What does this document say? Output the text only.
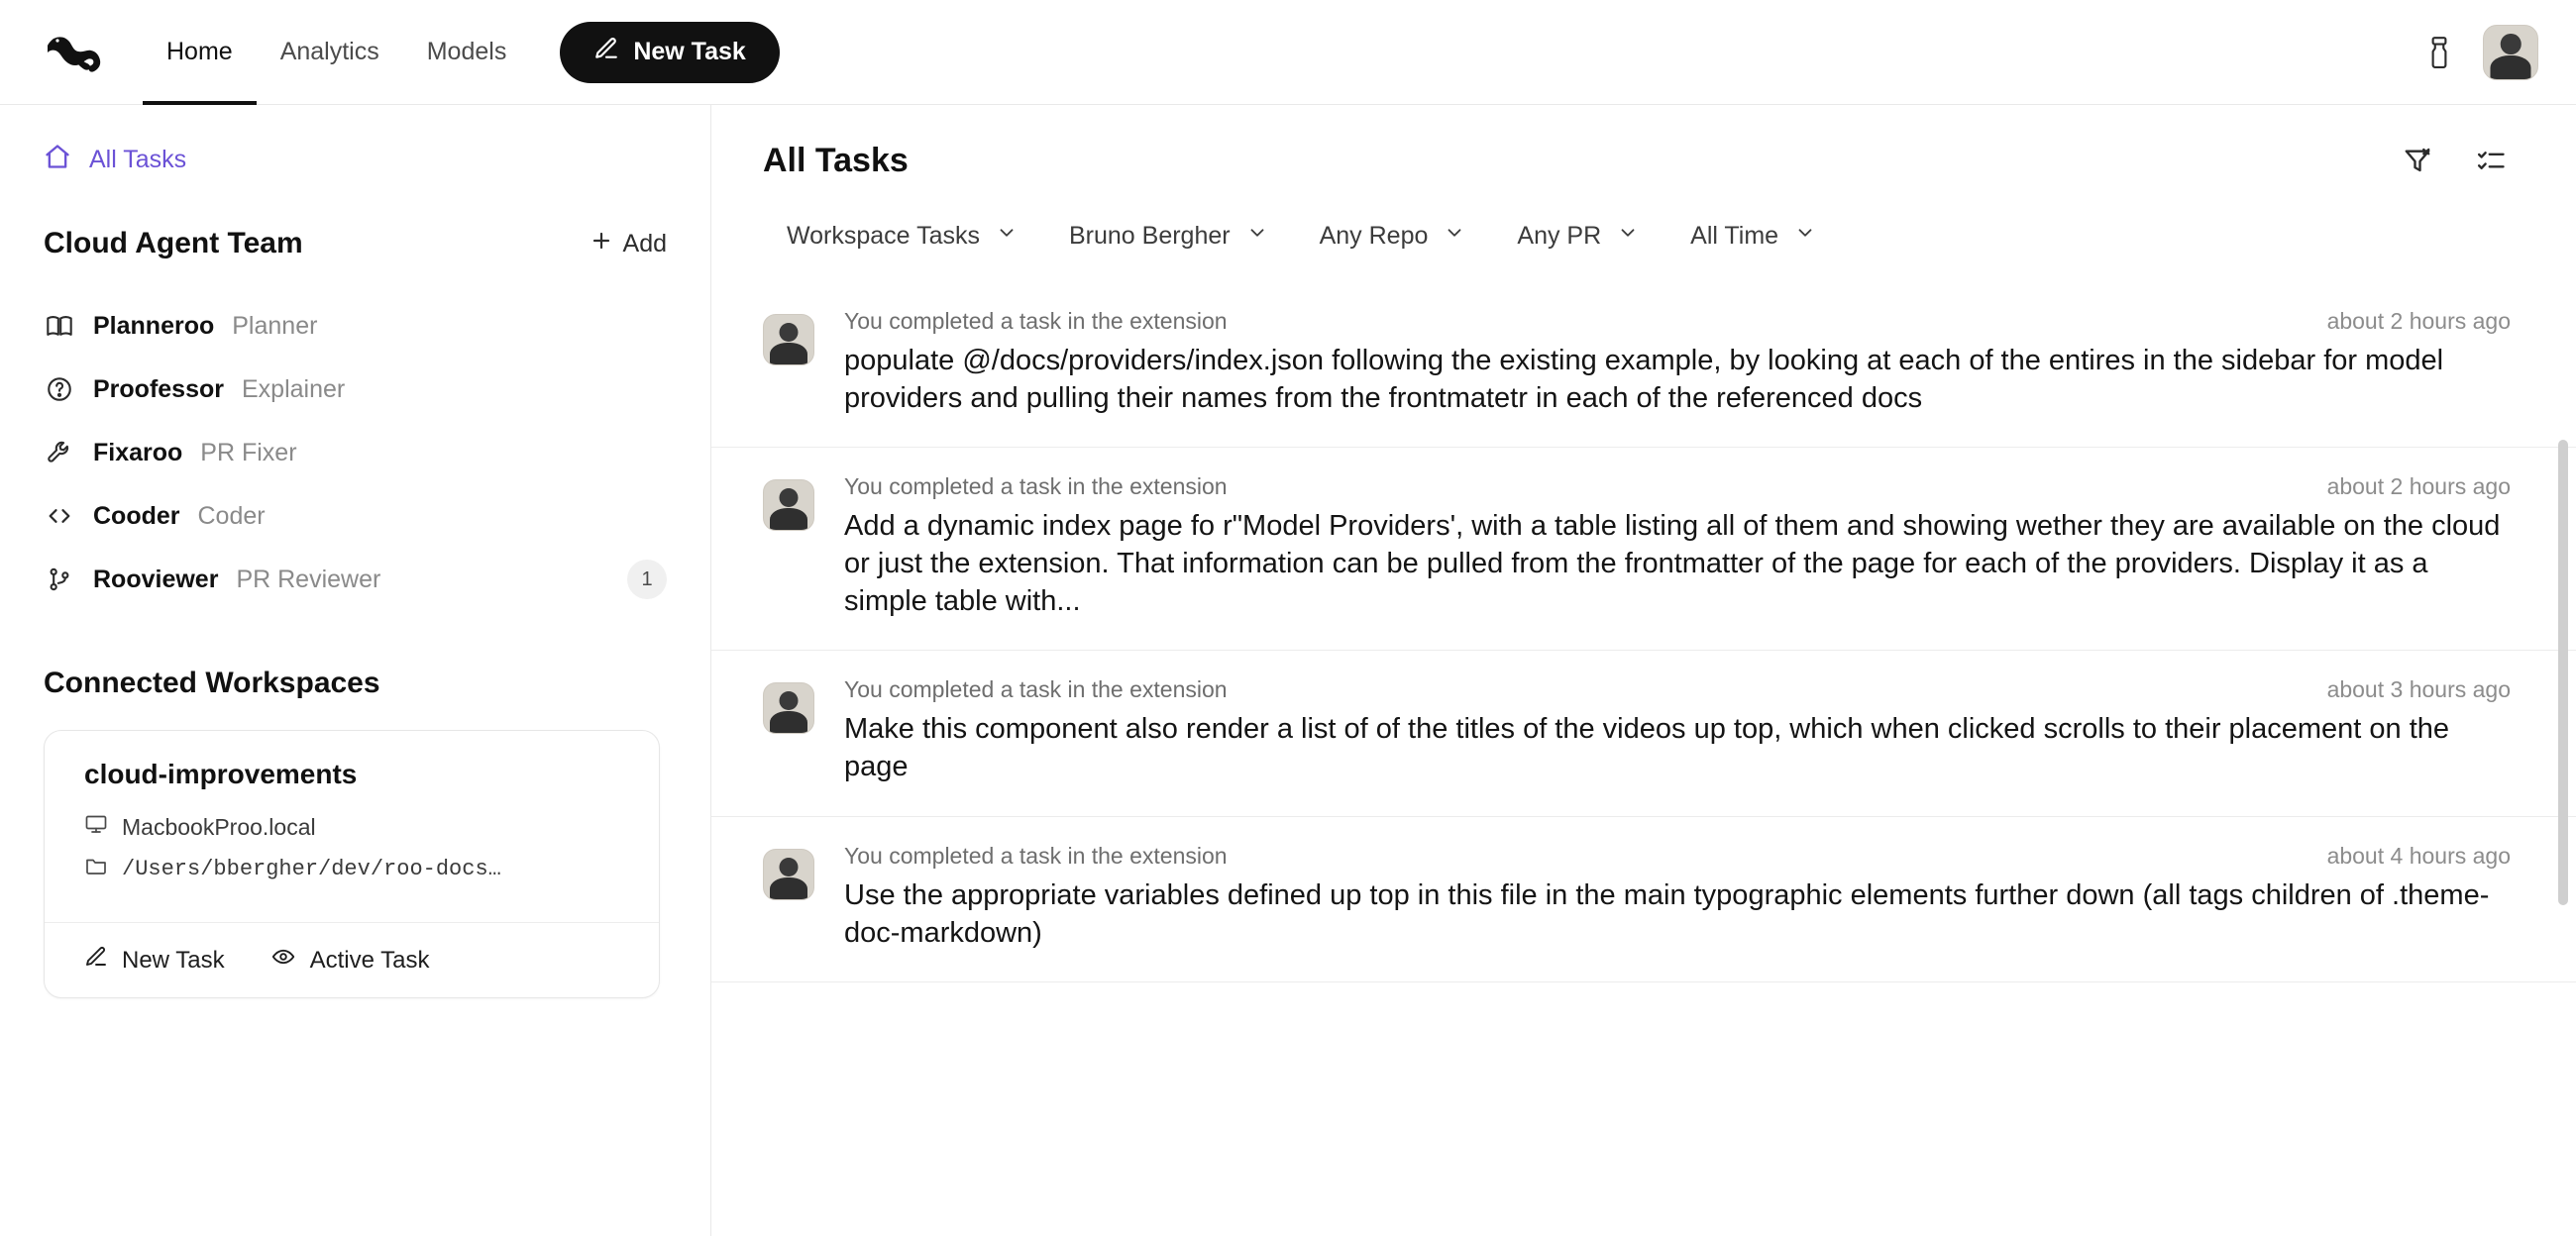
Home Analytics Models	New Task
All Tasks
Cloud Agent Team	Add
Planneroo Planner
Proofessor Explainer
Fixaroo PR Fixer
Cooder Coder
Rooviewer PR Reviewer	1
Connected Workspaces
cloud-improvements
MacbookProo.local
/Users/bbergher/dev/roo-docs…
New Task	Active Task
All Tasks
Workspace Tasks	Bruno Bergher	Any Repo	Any PR	All Time
You completed a task in the extension	about 2 hours ago
populate @/docs/providers/index.json following the existing example, by looking at each of the entires in the sidebar for model providers and pulling their names from the frontmatetr in each of the referenced docs
You completed a task in the extension	about 2 hours ago
Add a dynamic index page fo r"Model Providers', with a table listing all of them and showing wether they are available on the cloud or just the extension. That information can be pulled from the frontmatter of the page for each of the providers. Display it as a simple table with...
You completed a task in the extension	about 3 hours ago
Make this component also render a list of of the titles of the videos up top, which when clicked scrolls to their placement on the page
You completed a task in the extension	about 4 hours ago
Use the appropriate variables defined up top in this file in the main typographic elements further down (all tags children of .theme-doc-markdown)
